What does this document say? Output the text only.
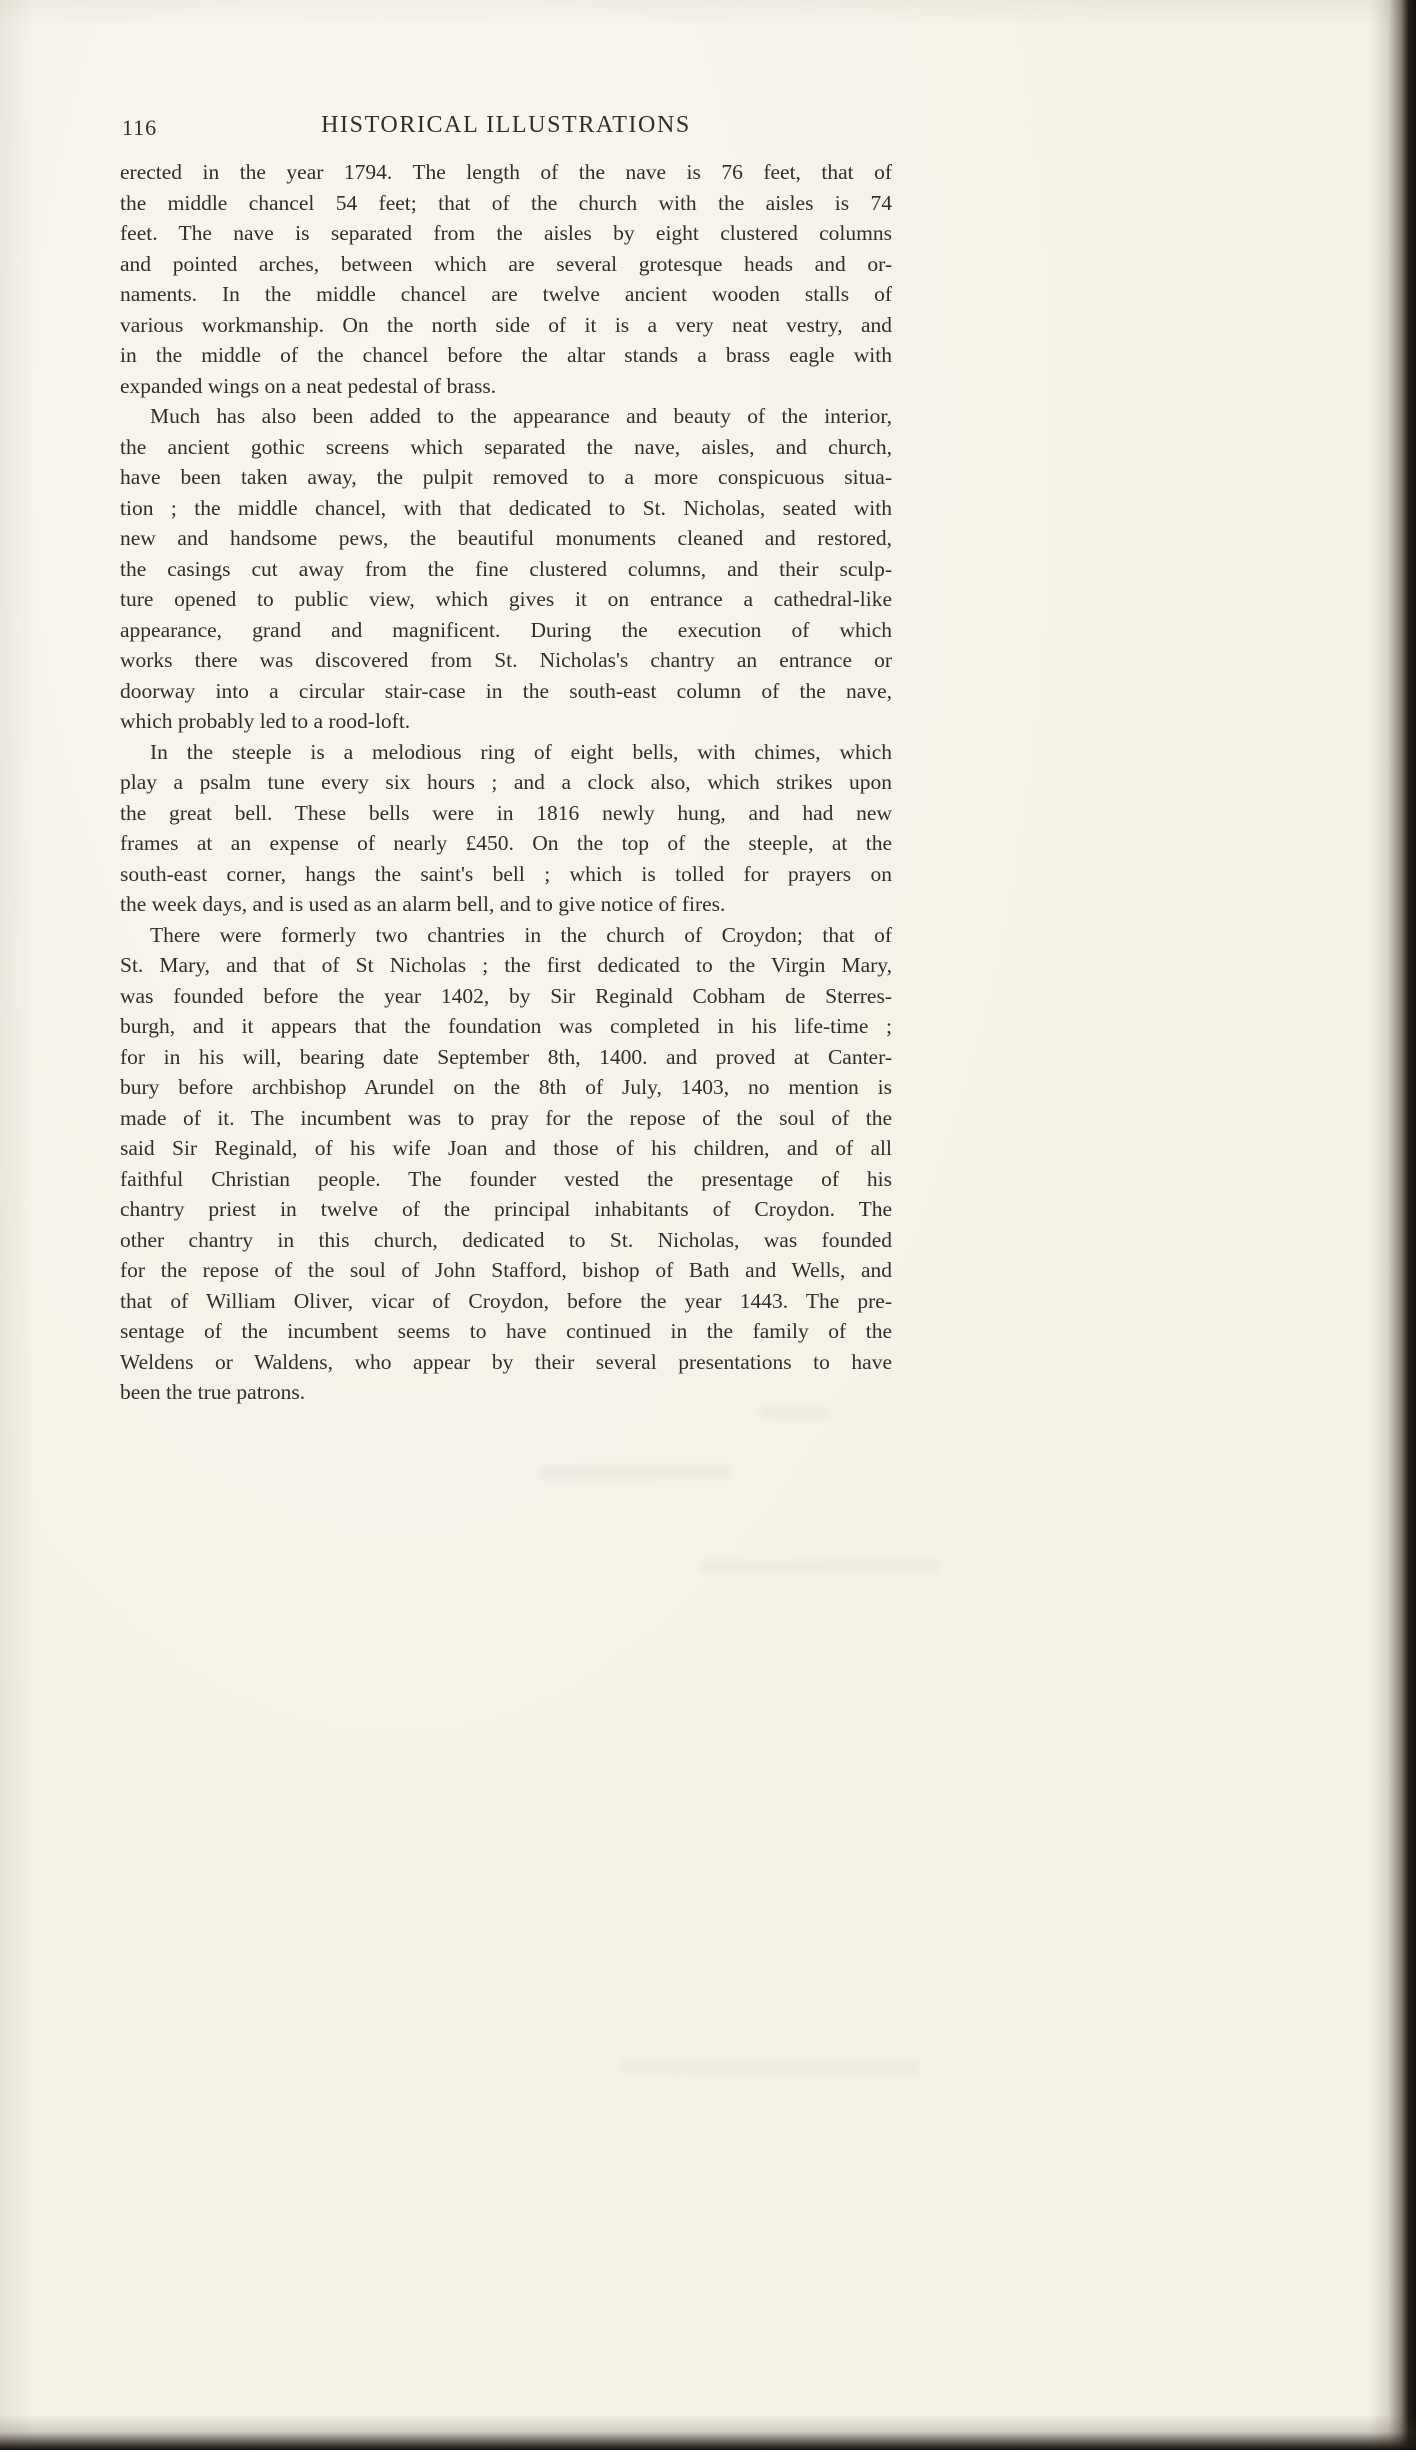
116	HISTORICAL ILLUSTRATIONS
erected in the year 1794. The length of the nave is 76 feet, that of
the middle chancel 54 feet; that of the church with the aisles is 74
feet. The nave is separated from the aisles by eight clustered columns
and pointed arches, between which are several grotesque heads and or-
naments. In the middle chancel are twelve ancient wooden stalls of
various workmanship. On the north side of it is a very neat vestry, and
in the middle of the chancel before the altar stands a brass eagle with
expanded wings on a neat pedestal of brass.
Much has also been added to the appearance and beauty of the interior,
the ancient gothic screens which separated the nave, aisles, and church,
have been taken away, the pulpit removed to a more conspicuous situa-
tion ; the middle chancel, with that dedicated to St. Nicholas, seated with
new and handsome pews, the beautiful monuments cleaned and restored,
the casings cut away from the fine clustered columns, and their sculp-
ture opened to public view, which gives it on entrance a cathedral-like
appearance, grand and magnificent. During the execution of which
works there was discovered from St. Nicholas's chantry an entrance or
doorway into a circular stair-case in the south-east column of the nave,
which probably led to a rood-loft.
In the steeple is a melodious ring of eight bells, with chimes, which
play a psalm tune every six hours ; and a clock also, which strikes upon
the great bell. These bells were in 1816 newly hung, and had new
frames at an expense of nearly £450. On the top of the steeple, at the
south-east corner, hangs the saint's bell ; which is tolled for prayers on
the week days, and is used as an alarm bell, and to give notice of fires.
There were formerly two chantries in the church of Croydon; that of
St. Mary, and that of St Nicholas ; the first dedicated to the Virgin Mary,
was founded before the year 1402, by Sir Reginald Cobham de Sterres-
burgh, and it appears that the foundation was completed in his life-time ;
for in his will, bearing date September 8th, 1400. and proved at Canter-
bury before archbishop Arundel on the 8th of July, 1403, no mention is
made of it. The incumbent was to pray for the repose of the soul of the
said Sir Reginald, of his wife Joan and those of his children, and of all
faithful Christian people. The founder vested the presentage of his
chantry priest in twelve of the principal inhabitants of Croydon. The
other chantry in this church, dedicated to St. Nicholas, was founded
for the repose of the soul of John Stafford, bishop of Bath and Wells, and
that of William Oliver, vicar of Croydon, before the year 1443. The pre-
sentage of the incumbent seems to have continued in the family of the
Weldens or Waldens, who appear by their several presentations to have
been the true patrons.
